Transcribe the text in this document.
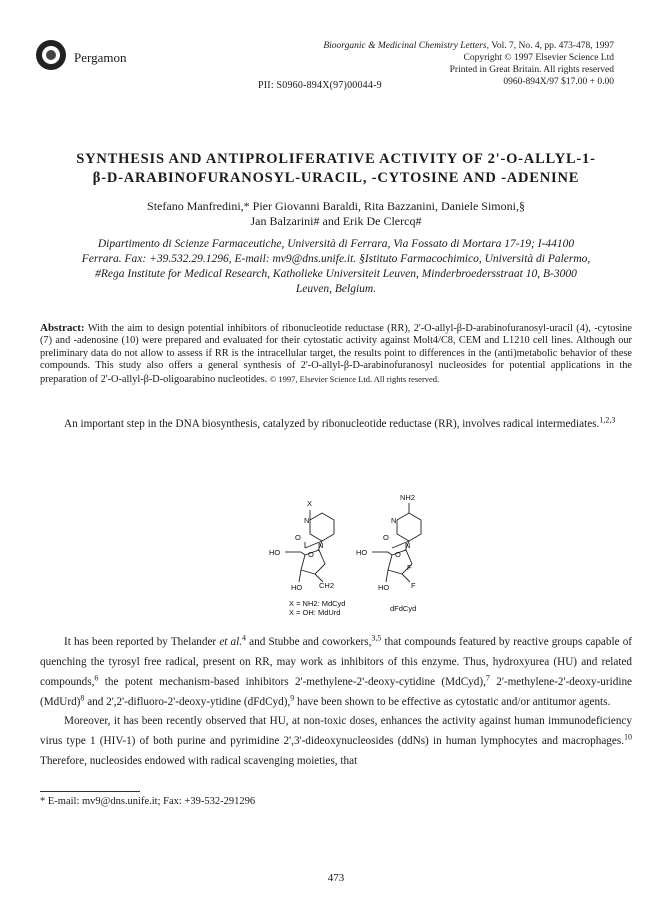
Pergamon
Bioorganic & Medicinal Chemistry Letters, Vol. 7, No. 4, pp. 473-478, 1997
Copyright © 1997 Elsevier Science Ltd
Printed in Great Britain. All rights reserved
0960-894X/97 $17.00 + 0.00
PII: S0960-894X(97)00044-9
SYNTHESIS AND ANTIPROLIFERATIVE ACTIVITY OF 2'-O-ALLYL-1-
β-D-ARABINOFURANOSYL-URACIL, -CYTOSINE AND -ADENINE
Stefano Manfredini,* Pier Giovanni Baraldi, Rita Bazzanini, Daniele Simoni,§
Jan Balzarini# and Erik De Clercq#
Dipartimento di Scienze Farmaceutiche, Università di Ferrara, Via Fossato di Mortara 17-19; I-44100
Ferrara. Fax: +39.532.29.1296, E-mail: mv9@dns.unife.it. §Istituto Farmacochimico, Università di Palermo,
#Rega Institute for Medical Research, Katholieke Universiteit Leuven, Minderbroedersstraat 10, B-3000
Leuven, Belgium.
Abstract: With the aim to design potential inhibitors of ribonucleotide reductase (RR), 2'-O-allyl-β-D-arabinofuranosyl-uracil (4), -cytosine (7) and -adenosine (10) were prepared and evaluated for their cytostatic activity against Molt4/C8, CEM and L1210 cell lines. Although our preliminary data do not allow to assess if RR is the intracellular target, the results point to differences in the (anti)metabolic behavior of these compounds. This study also offers a general synthesis of 2'-O-allyl-β-D-arabinofuranosyl nucleosides for potential applications in the preparation of 2'-O-allyl-β-D-oligoarabino nucleotides. © 1997, Elsevier Science Ltd. All rights reserved.
An important step in the DNA biosynthesis, catalyzed by ribonucleotide reductase (RR), involves radical intermediates.$^{1,2,3}$
X
N
O
N
O
HO
HO CH2
NH2
N
O
N
O
HO
F
HO	F
X = NH2: MdCyd
X = OH: MdUrd	dFdCyd
It has been reported by Thelander et al.$^4$ and Stubbe and coworkers,$^{3,5}$ that compounds featured by reactive groups capable of quenching the tyrosyl free radical, present on RR, may work as inhibitors of this enzyme. Thus, hydroxyurea (HU) and related compounds,$^6$ the potent mechanism-based inhibitors 2'-methylene-2'-deoxy-cytidine (MdCyd),$^7$ 2'-methylene-2'-deoxy-uridine (MdUrd)$^8$ and 2',2'-difluoro-2'-deoxy-ytidine (dFdCyd),$^9$ have been shown to be effective as cytostatic and/or antitumor agents.
Moreover, it has been recently observed that HU, at non-toxic doses, enhances the activity against human immunodeficiency virus type 1 (HIV-1) of both purine and pyrimidine 2',3'-dideoxynucleosides (ddNs) in human lymphocytes and macrophages.$^{10}$ Therefore, nucleosides endowed with radical scavenging moieties, that
* E-mail: mv9@dns.unife.it; Fax: +39-532-291296
473
